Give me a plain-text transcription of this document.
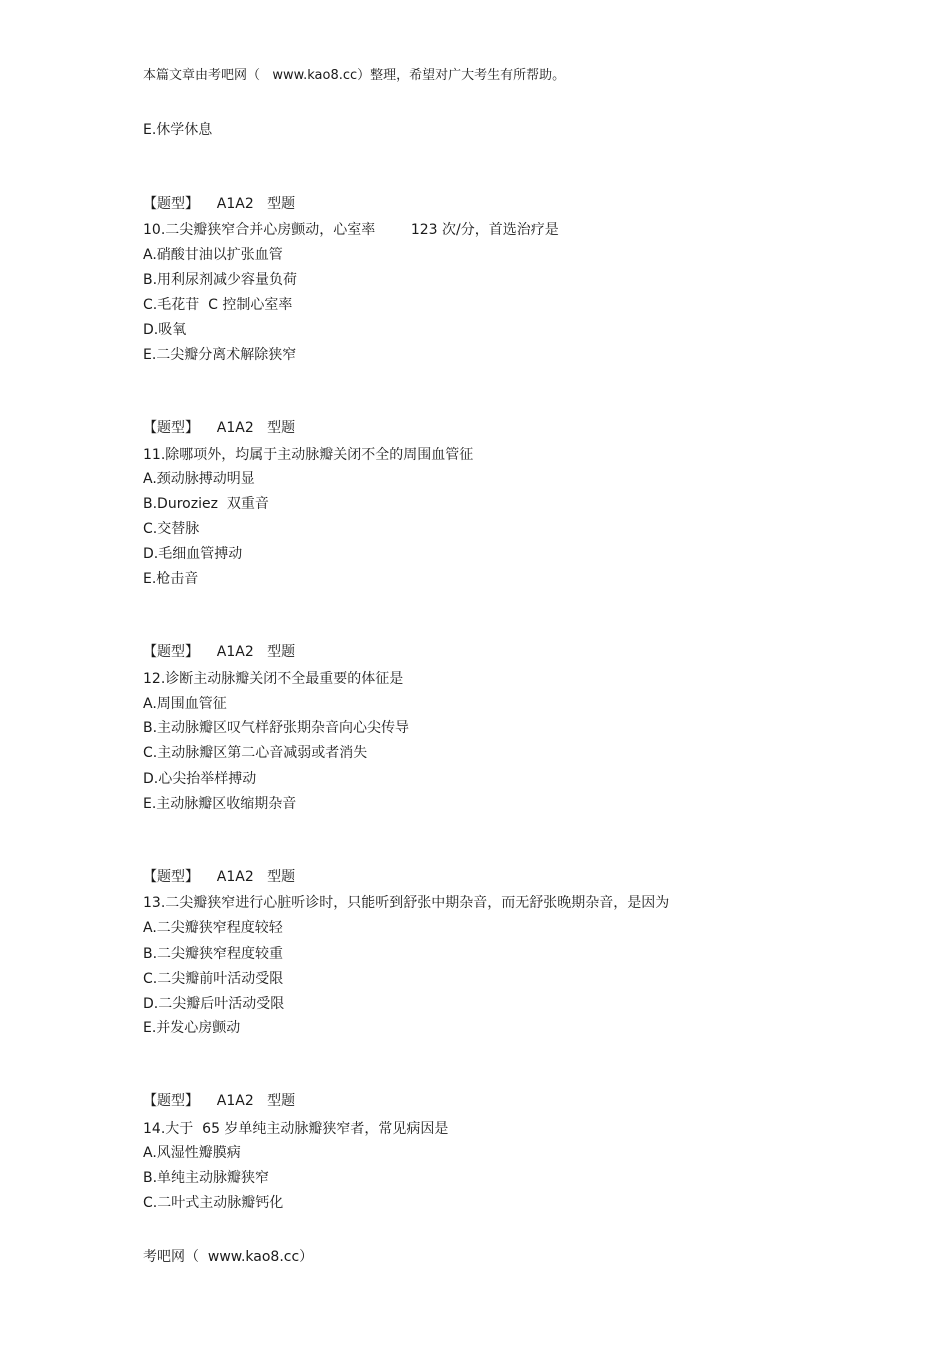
本篇文章由考吧网（   www.kao8.cc）整理，希望对广大考生有所帮助。
E.休学休息
【题型】    A1A2   型题
10.二尖瓣狭窄合并心房颤动，心室率        123 次/分，首选治疗是
A.硝酸甘油以扩张血管
B.用利尿剂减少容量负荷
C.毛花苷  C 控制心室率
D.吸氧
E.二尖瓣分离术解除狭窄
【题型】    A1A2   型题
11.除哪项外，均属于主动脉瓣关闭不全的周围血管征
A.颈动脉搏动明显
B.Duroziez  双重音
C.交替脉
D.毛细血管搏动
E.枪击音
【题型】    A1A2   型题
12.诊断主动脉瓣关闭不全最重要的体征是
A.周围血管征
B.主动脉瓣区叹气样舒张期杂音向心尖传导
C.主动脉瓣区第二心音减弱或者消失
D.心尖抬举样搏动
E.主动脉瓣区收缩期杂音
【题型】    A1A2   型题
13.二尖瓣狭窄进行心脏听诊时，只能听到舒张中期杂音，而无舒张晚期杂音，是因为
A.二尖瓣狭窄程度较轻
B.二尖瓣狭窄程度较重
C.二尖瓣前叶活动受限
D.二尖瓣后叶活动受限
E.并发心房颤动
【题型】    A1A2   型题
14.大于  65 岁单纯主动脉瓣狭窄者，常见病因是
A.风湿性瓣膜病
B.单纯主动脉瓣狭窄
C.二叶式主动脉瓣钙化
考吧网（  www.kao8.cc）
